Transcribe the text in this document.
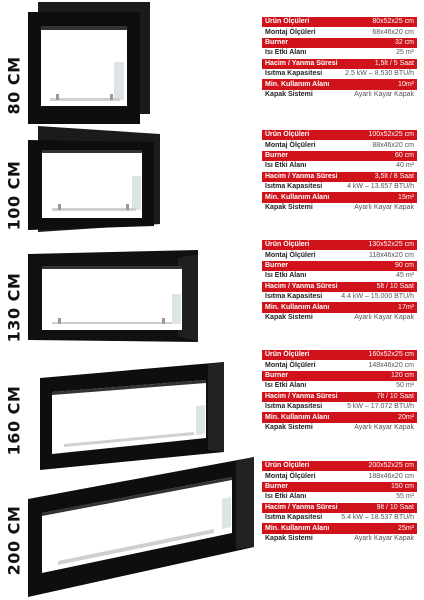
80 CM
100 CM
130 CM
160 CM
200 CM
Ürün Ölçüleri	80x52x25 cm
Montaj Ölçüleri	68x46x20 cm
Burner	32 cm
Isı Etki Alanı	25 m²
Hacim / Yanma Süresi	1,5lt / 5 Saat
Isıtma Kapasitesi	2.5 kW – 8.530 BTU/h
Min. Kullanım Alanı	10m²
Kapak Sistemi	Ayarlı Kayar Kapak
Ürün Ölçüleri	100x52x25 cm
Montaj Ölçüleri	88x46x20 cm
Burner	60 cm
Isı Etki Alanı	40 m²
Hacim / Yanma Süresi	3,5lt / 8 Saat
Isıtma Kapasitesi	4 kW – 13.657 BTU/h
Min. Kullanım Alanı	15m²
Kapak Sistemi	Ayarlı Kayar Kapak
Ürün Ölçüleri	130x52x25 cm
Montaj Ölçüleri	118x46x20 cm
Burner	90 cm
Isı Etki Alanı	45 m²
Hacim / Yanma Süresi	5lt / 10 Saat
Isıtma Kapasitesi	4.4 kW – 15.000 BTU/h
Min. Kullanım Alanı	17m²
Kapak Sistemi	Ayarlı Kayar Kapak
Ürün Ölçüleri	160x52x25 cm
Montaj Ölçüleri	148x46x20 cm
Burner	120 cm
Isı Etki Alanı	50 m²
Hacim / Yanma Süresi	7lt / 10 Saat
Isıtma Kapasitesi	5 kW – 17.072 BTU/h
Min. Kullanım Alanı	20m²
Kapak Sistemi	Ayarlı Kayar Kapak
Ürün Ölçüleri	200x52x25 cm
Montaj Ölçüleri	188x46x20 cm
Burner	150 cm
Isı Etki Alanı	55 m²
Hacim / Yanma Süresi	9lt / 10 Saat
Isıtma Kapasitesi	5.4 kW – 18.537 BTU/h
Min. Kullanım Alanı	25m²
Kapak Sistemi	Ayarlı Kayar Kapak
